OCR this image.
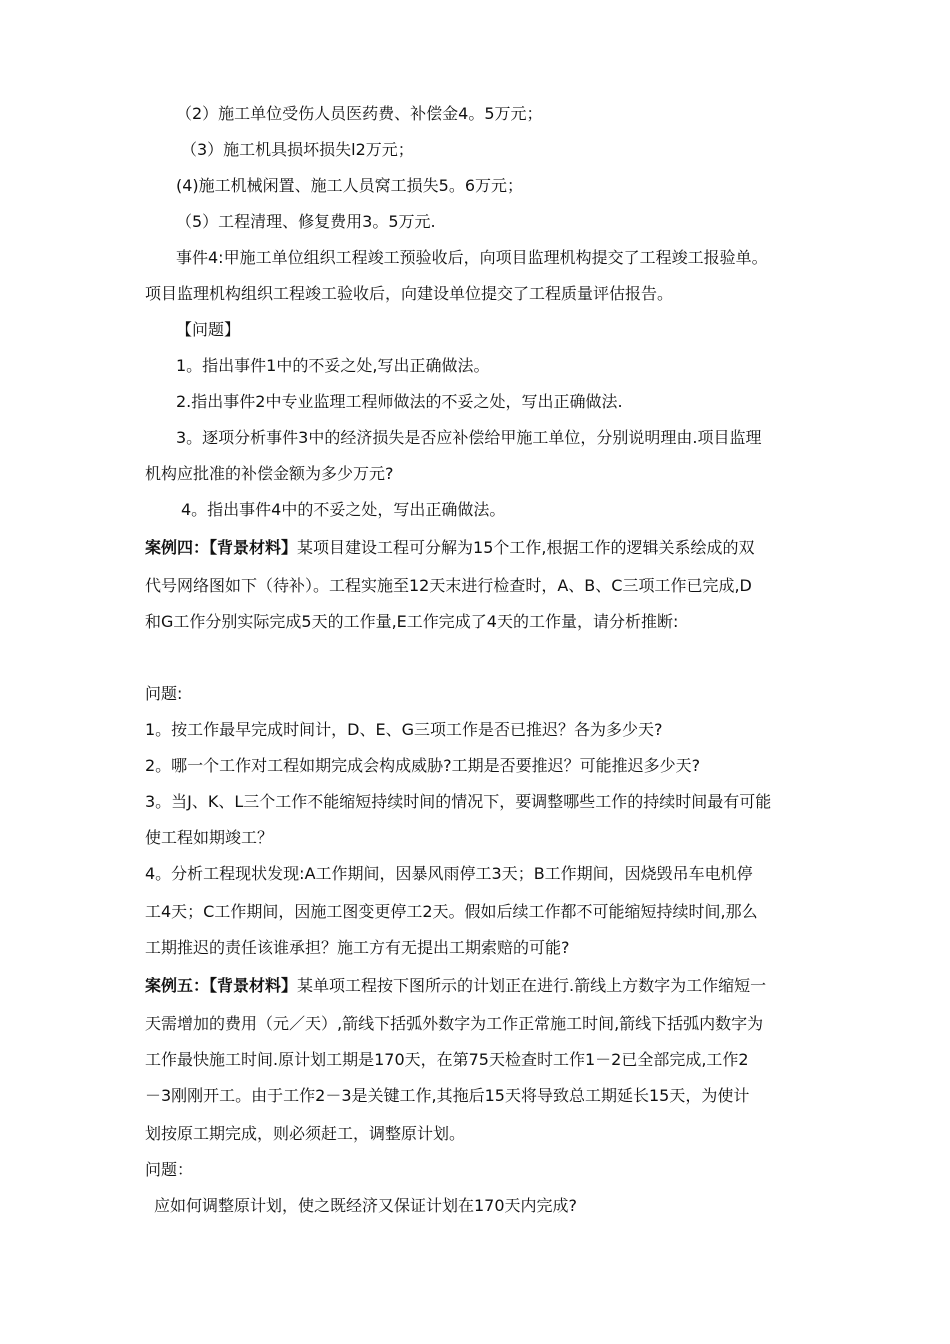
（2）施工单位受伤人员医药费、补偿金4。5万元；
（3）施工机具损坏损失l2万元；
(4)施工机械闲置、施工人员窝工损失5。6万元；
（5）工程清理、修复费用3。5万元.
事件4:甲施工单位组织工程竣工预验收后，向项目监理机构提交了工程竣工报验单。
项目监理机构组织工程竣工验收后，向建设单位提交了工程质量评估报告。
【问题】
1。指出事件1中的不妥之处,写出正确做法。
2.指出事件2中专业监理工程师做法的不妥之处，写出正确做法.
3。逐项分析事件3中的经济损失是否应补偿给甲施工单位，分别说明理由.项目监理
机构应批准的补偿金额为多少万元?
4。指出事件4中的不妥之处，写出正确做法。
案例四：【背景材料】某项目建设工程可分解为15个工作,根据工作的逻辑关系绘成的双
代号网络图如下（待补）。工程实施至12天末进行检查时，A、B、C三项工作已完成,D
和G工作分别实际完成5天的工作量,E工作完成了4天的工作量，请分析推断:
问题:
1。按工作最早完成时间计，D、E、G三项工作是否已推迟？各为多少天?
2。哪一个工作对工程如期完成会构成威胁?工期是否要推迟？可能推迟多少天?
3。当J、K、L三个工作不能缩短持续时间的情况下，要调整哪些工作的持续时间最有可能
使工程如期竣工？
4。分析工程现状发现:A工作期间，因暴风雨停工3天；B工作期间，因烧毁吊车电机停
工4天；C工作期间，因施工图变更停工2天。假如后续工作都不可能缩短持续时间,那么
工期推迟的责任该谁承担？施工方有无提出工期索赔的可能?
案例五：【背景材料】某单项工程按下图所示的计划正在进行.箭线上方数字为工作缩短一
天需增加的费用（元／天）,箭线下括弧外数字为工作正常施工时间,箭线下括弧内数字为
工作最快施工时间.原计划工期是170天，在第75天检查时工作1－2已全部完成,工作2
－3刚刚开工。由于工作2－3是关键工作,其拖后15天将导致总工期延长15天，为使计
划按原工期完成，则必须赶工，调整原计划。
问题：
应如何调整原计划，使之既经济又保证计划在170天内完成?
